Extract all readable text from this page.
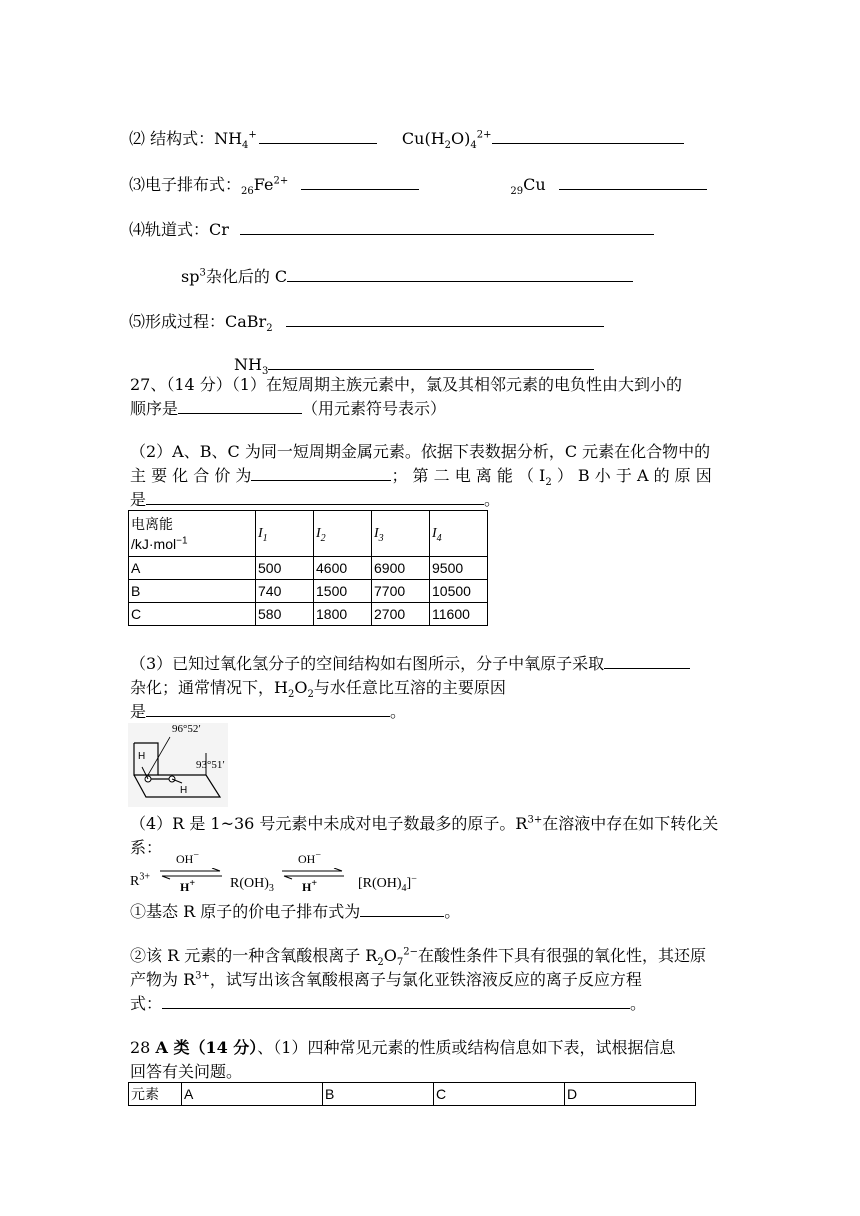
⑵ 结构式：$NH_4^+$	$Cu(H_2O)_4^{2+}$
⑶电子排布式：$_{26}Fe^{2+}$  $_{29}$Cu
⑷轨道式：Cr
$sp^3$杂化后的 C
⑸形成过程：CaBr$_2$
$NH_3$
27、（14 分）（1）在短周期主族元素中，氯及其相邻元素的电负性由大到小的
顺序是	（用元素符号表示）
（2）A、B、C 为同一短周期金属元素。依据下表数据分析，C 元素在化合物中的
主 要 化 合 价 为	； 第 二 电 离 能 （ $I_2$ ） B 小 于 A 的 原 因
是	。
电离能
/kJ·mol$^{-1}$	$I_1$	$I_2$	$I_3$	$I_4$
A	500	4600	6900	9500
B	740	1500	7700	10500
C	580	1800	2700	11600
（3）已知过氧化氢分子的空间结构如右图所示，分子中氧原子采取
杂化；通常情况下，$H_2O_2$与水任意比互溶的主要原因
是	。
96°52′
93°51′
H
H
（4）R 是 1~36 号元素中未成对电子数最多的原子。$R^{3+}$在溶液中存在如下转化关
系：
$R^{3+}$
OH−
H+ $R(OH)_3$
OH−
H+	$[R(OH)_4]^-$
①基态 R 原子的价电子排布式为	。
②该 R 元素的一种含氧酸根离子 $R_2O_7^{2-}$在酸性条件下具有很强的氧化性，其还原
产物为 $R^{3+}$，试写出该含氧酸根离子与氯化亚铁溶液反应的离子反应方程
式：	。
28 A 类（14 分）、（1）四种常见元素的性质或结构信息如下表，试根据信息
回答有关问题。
元素	A	B	C	D
